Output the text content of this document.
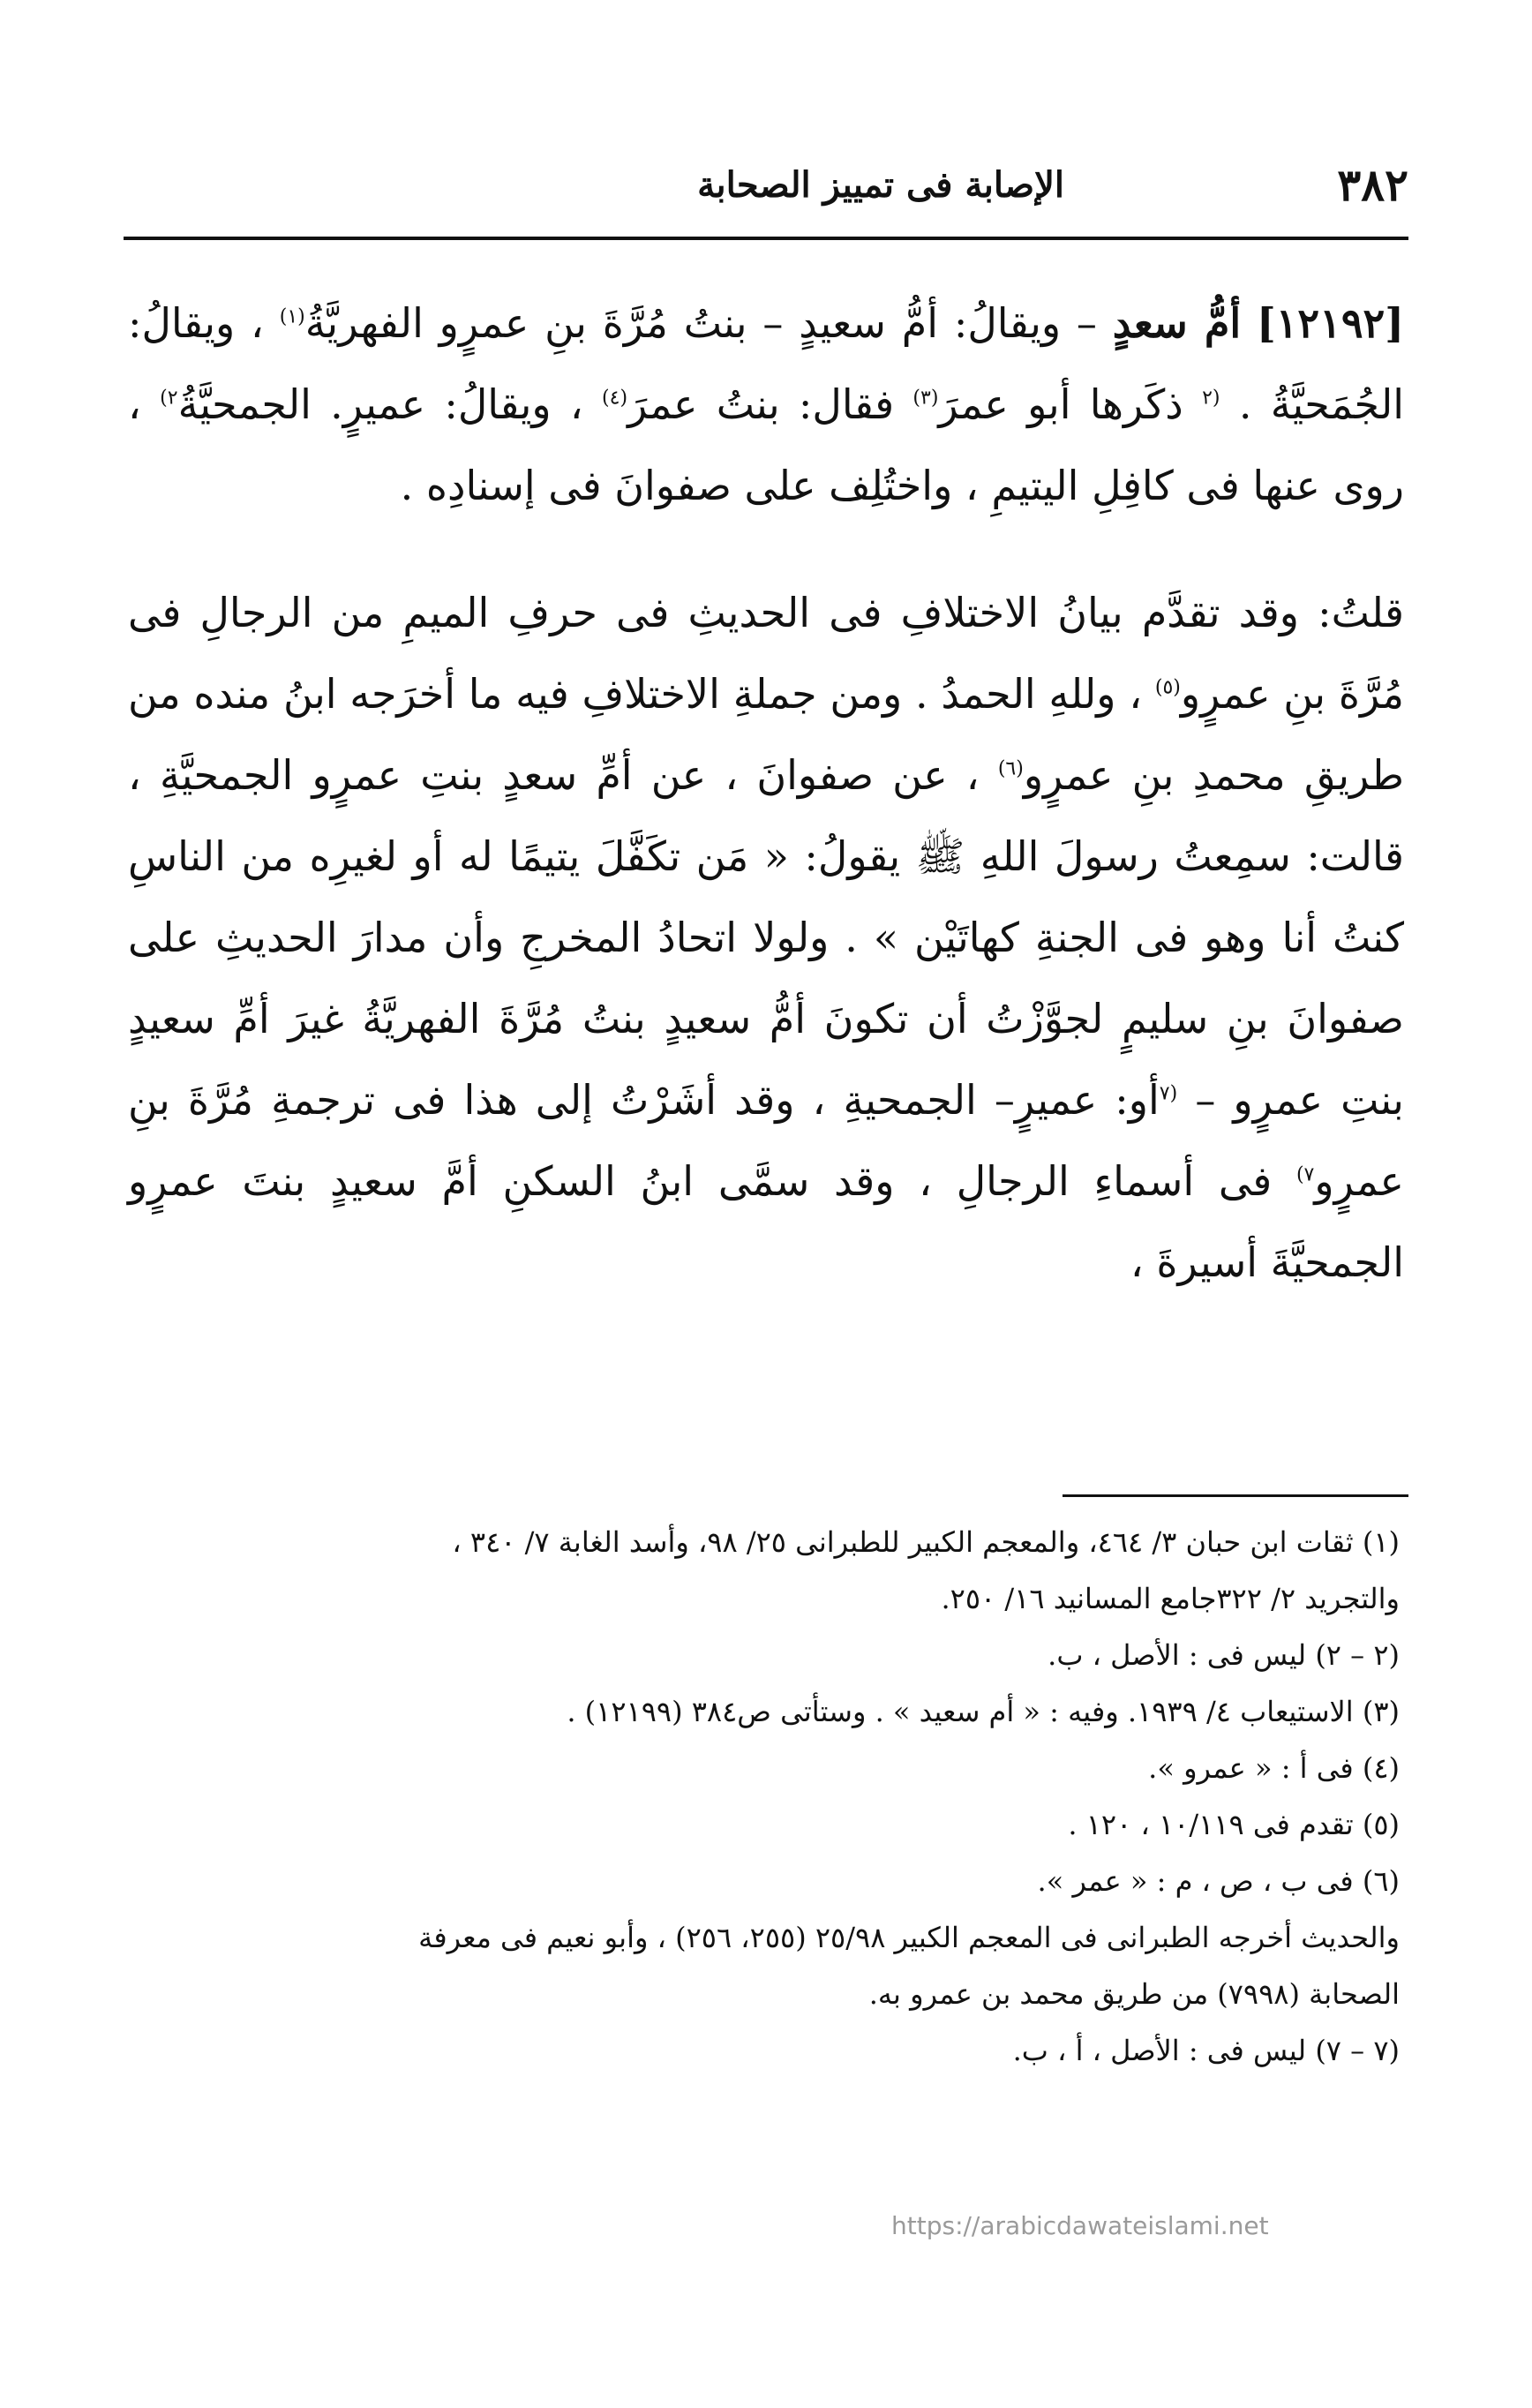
٣٨٢
الإصابة فى تمييز الصحابة

[١٢١٩٢] أمُّ سعدٍ – ويقالُ: أمُّ سعيدٍ – بنتُ مُرَّةَ بنِ عمرٍو الفهريَّةُ$^{(١)}$ ، ويقالُ: الجُمَحيَّةُ . $^{(٢}$ ذكَرها أبو عمرَ$^{(٣)}$ فقال: بنتُ عمرَ$^{(٤)}$ ، ويقالُ: عميرٍ. الجمحيَّةُ$^{٢)}$ ، روى عنها فى كافِلِ اليتيمِ ، واختُلِف على صفوانَ فى إسنادِه .

قلتُ: وقد تقدَّم بيانُ الاختلافِ فى الحديثِ فى حرفِ الميمِ من الرجالِ فى مُرَّةَ بنِ عمرٍو$^{(٥)}$ ، وللهِ الحمدُ . ومن جملةِ الاختلافِ فيه ما أخرَجه ابنُ منده من طريقِ محمدِ بنِ عمرٍو$^{(٦)}$ ، عن صفوانَ ، عن أمِّ سعدٍ بنتِ عمرٍو الجمحيَّةِ ، قالت: سمِعتُ رسولَ اللهِ ﷺ يقولُ: « مَن تكَفَّلَ يتيمًا له أو لغيرِه من الناسِ كنتُ أنا وهو فى الجنةِ كهاتَيْن » . ولولا اتحادُ المخرجِ وأن مدارَ الحديثِ على صفوانَ بنِ سليمٍ لجوَّزْتُ أن تكونَ أمُّ سعيدٍ بنتُ مُرَّةَ الفهريَّةُ غيرَ أمِّ سعيدٍ بنتِ عمرٍو – $^{(٧}$أو: عميرٍ– الجمحيةِ ، وقد أشَرْتُ إلى هذا فى ترجمةِ مُرَّةَ بنِ عمرٍو$^{٧)}$ فى أسماءِ الرجالِ ، وقد سمَّى ابنُ السكنِ أمَّ سعيدٍ بنتَ عمرٍو الجمحيَّةَ أسيرةَ ،

(١) ثقات ابن حبان ٣/ ٤٦٤، والمعجم الكبير للطبرانى ٢٥/ ٩٨، وأسد الغابة ٧/ ٣٤٠ ،
والتجريد ٢/ ٣٢٢جامع المسانيد ١٦/ ٢٥٠.
(٢ – ٢) ليس فى : الأصل ، ب.
(٣) الاستيعاب ٤/ ١٩٣٩. وفيه : « أم سعيد » . وستأتى ص٣٨٤ (١٢١٩٩) .
(٤) فى أ : « عمرو ».
(٥) تقدم فى ١٠/١١٩ ، ١٢٠ .
(٦) فى ب ، ص ، م : « عمر ».
والحديث أخرجه الطبرانى فى المعجم الكبير ٢٥/٩٨ (٢٥٥، ٢٥٦) ، وأبو نعيم فى معرفة
الصحابة (٧٩٩٨) من طريق محمد بن عمرو به.
(٧ – ٧) ليس فى : الأصل ، أ ، ب.
https://arabicdawateislami.net
